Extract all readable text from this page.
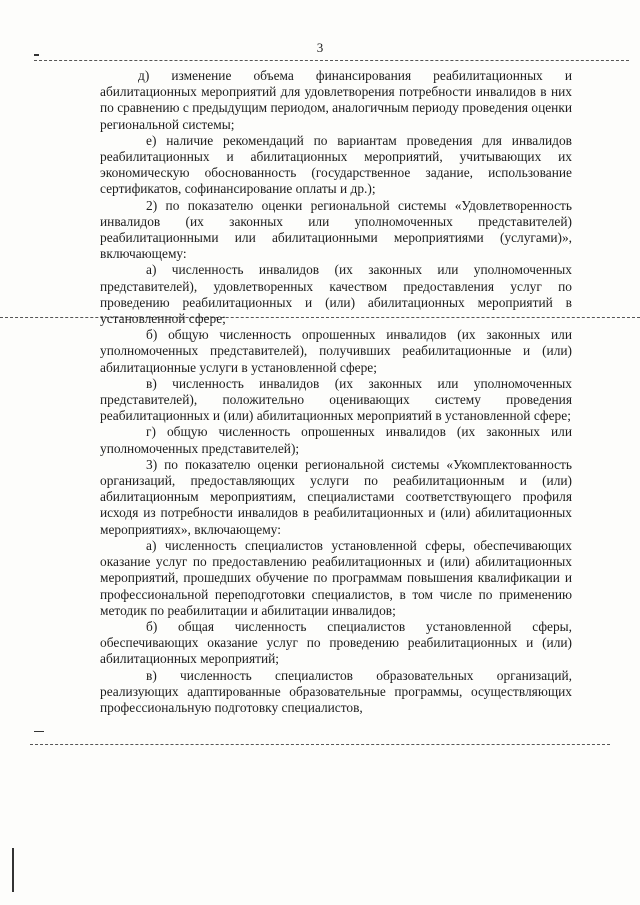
3

д) изменение объема финансирования реабилитационных и абилитационных мероприятий для удовлетворения потребности инвалидов в них по сравнению с предыдущим периодом, аналогичным периоду проведения оценки региональной системы;

е) наличие рекомендаций по вариантам проведения для инвалидов реабилитационных и абилитационных мероприятий, учитывающих их экономическую обоснованность (государственное задание, использование сертификатов, софинансирование оплаты и др.);

2) по показателю оценки региональной системы «Удовлетворенность инвалидов (их законных или уполномоченных представителей) реабилитационными или абилитационными мероприятиями (услугами)», включающему:

а) численность инвалидов (их законных или уполномоченных представителей), удовлетворенных качеством предоставления услуг по проведению реабилитационных и (или) абилитационных мероприятий в установленной сфере;

б) общую численность опрошенных инвалидов (их законных или уполномоченных представителей), получивших реабилитационные и (или) абилитационные услуги в установленной сфере;

в) численность инвалидов (их законных или уполномоченных представителей), положительно оценивающих систему проведения реабилитационных и (или) абилитационных мероприятий в установленной сфере;

г) общую численность опрошенных инвалидов (их законных или уполномоченных представителей);

3) по показателю оценки региональной системы «Укомплектованность организаций, предоставляющих услуги по реабилитационным и (или) абилитационным мероприятиям, специалистами соответствующего профиля исходя из потребности инвалидов в реабилитационных и (или) абилитационных мероприятиях», включающему:

а) численность специалистов установленной сферы, обеспечивающих оказание услуг по предоставлению реабилитационных и (или) абилитационных мероприятий, прошедших обучение по программам повышения квалификации и профессиональной переподготовки специалистов, в том числе по применению методик по реабилитации и абилитации инвалидов;

б) общая численность специалистов установленной сферы, обеспечивающих оказание услуг по проведению реабилитационных и (или) абилитационных мероприятий;

в) численность специалистов образовательных организаций, реализующих адаптированные образовательные программы, осуществляющих профессиональную подготовку специалистов,
